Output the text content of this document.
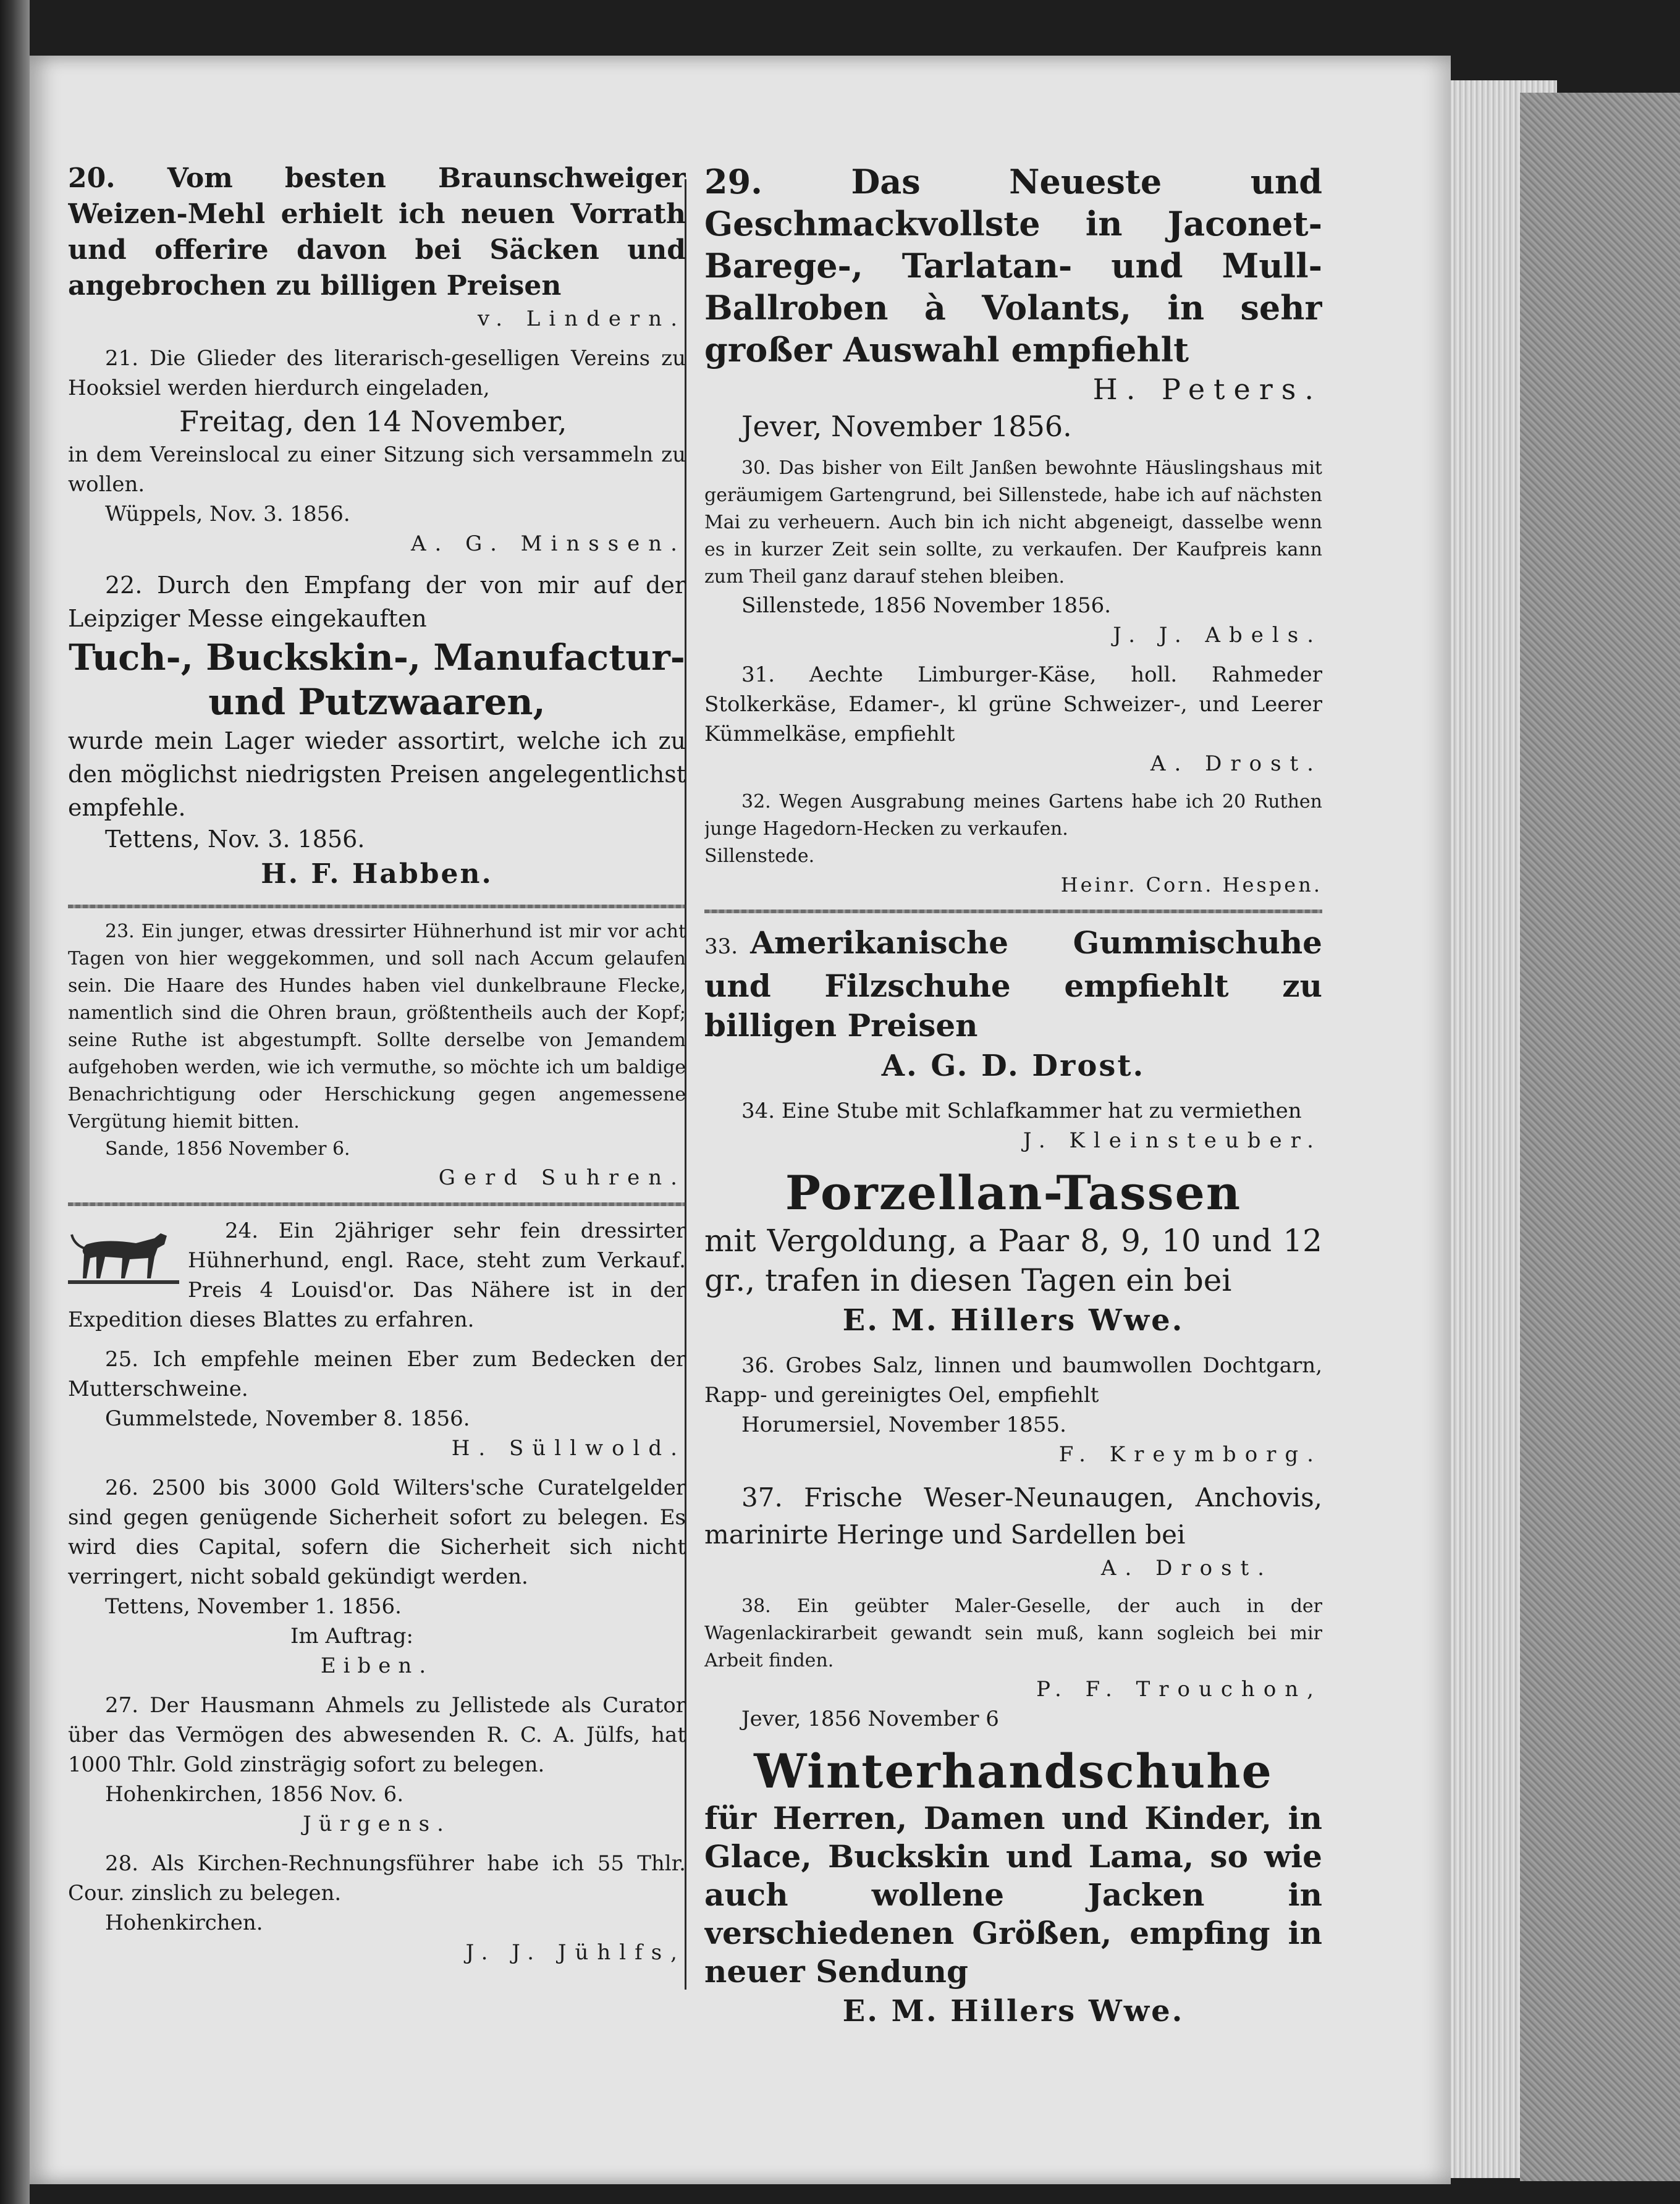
20. Vom besten Braunschweiger Weizen-Mehl erhielt ich neuen Vorrath und offerire davon bei Säcken und angebrochen zu billigen Preisen

v. Lindern.

21. Die Glieder des literarisch-geselligen Vereins zu Hooksiel werden hierdurch eingeladen,

Freitag, den 14 November,

in dem Vereinslocal zu einer Sitzung sich versammeln zu wollen.

Wüppels, Nov. 3. 1856.

A. G. Minssen.

22. Durch den Empfang der von mir auf der Leipziger Messe eingekauften

Tuch-, Buckskin-, Manufactur- und Putzwaaren,

wurde mein Lager wieder assortirt, welche ich zu den möglichst niedrigsten Preisen angelegentlichst empfehle.

Tettens, Nov. 3. 1856.

H. F. Habben.

23. Ein junger, etwas dressirter Hühnerhund ist mir vor acht Tagen von hier weggekommen, und soll nach Accum gelaufen sein. Die Haare des Hundes haben viel dunkelbraune Flecke, namentlich sind die Ohren braun, größtentheils auch der Kopf; seine Ruthe ist abgestumpft. Sollte derselbe von Jemandem aufgehoben werden, wie ich vermuthe, so möchte ich um baldige Benachrichtigung oder Herschickung gegen angemessene Vergütung hiemit bitten.

Sande, 1856 November 6.

Gerd Suhren.

24. Ein 2jähriger sehr fein dressirter Hühnerhund, engl. Race, steht zum Verkauf. Preis 4 Louisd'or. Das Nähere ist in der Expedition dieses Blattes zu erfahren.

25. Ich empfehle meinen Eber zum Bedecken der Mutterschweine.

Gummelstede, November 8. 1856.

H. Süllwold.

26. 2500 bis 3000 Gold Wilters'sche Curatelgelder sind gegen genügende Sicherheit sofort zu belegen. Es wird dies Capital, sofern die Sicherheit sich nicht verringert, nicht sobald gekündigt werden.

Tettens, November 1. 1856.

Im Auftrag:

Eiben.

27. Der Hausmann Ahmels zu Jellistede als Curator über das Vermögen des abwesenden R. C. A. Jülfs, hat 1000 Thlr. Gold zinsträgig sofort zu belegen.

Hohenkirchen, 1856 Nov. 6.

Jürgens.

28. Als Kirchen-Rechnungsführer habe ich 55 Thlr. Cour. zinslich zu belegen.

Hohenkirchen.

J. J. Jühlfs,

29. Das Neueste und Geschmackvollste in Jaconet- Barege-, Tarlatan- und Mull-Ballroben à Volants, in sehr großer Auswahl empfiehlt

H. Peters.

Jever, November 1856.

30. Das bisher von Eilt Janßen bewohnte Häuslingshaus mit geräumigem Gartengrund, bei Sillenstede, habe ich auf nächsten Mai zu verheuern. Auch bin ich nicht abgeneigt, dasselbe wenn es in kurzer Zeit sein sollte, zu verkaufen. Der Kaufpreis kann zum Theil ganz darauf stehen bleiben.

Sillenstede, 1856 November 1856.

J. J. Abels.

31. Aechte Limburger-Käse, holl. Rahmeder Stolkerkäse, Edamer-, kl grüne Schweizer-, und Leerer Kümmelkäse, empfiehlt

A. Drost.

32. Wegen Ausgrabung meines Gartens habe ich 20 Ruthen junge Hagedorn-Hecken zu verkaufen.

Sillenstede.

Heinr. Corn. Hespen.

33. Amerikanische Gummischuhe und Filzschuhe empfiehlt zu billigen Preisen

A. G. D. Drost.

34. Eine Stube mit Schlafkammer hat zu vermiethen

J. Kleinsteuber.

Porzellan-Tassen

mit Vergoldung, a Paar 8, 9, 10 und 12 gr., trafen in diesen Tagen ein bei

E. M. Hillers Wwe.

36. Grobes Salz, linnen und baumwollen Dochtgarn, Rapp- und gereinigtes Oel, empfiehlt

Horumersiel, November 1855.

F. Kreymborg.

37. Frische Weser-Neunaugen, Anchovis, marinirte Heringe und Sardellen bei

A. Drost.

38. Ein geübter Maler-Geselle, der auch in der Wagenlackirarbeit gewandt sein muß, kann sogleich bei mir Arbeit finden.

P. F. Trouchon,

Jever, 1856 November 6

Winterhandschuhe

für Herren, Damen und Kinder, in Glace, Buckskin und Lama, so wie auch wollene Jacken in verschiedenen Größen, empfing in neuer Sendung

E. M. Hillers Wwe.
